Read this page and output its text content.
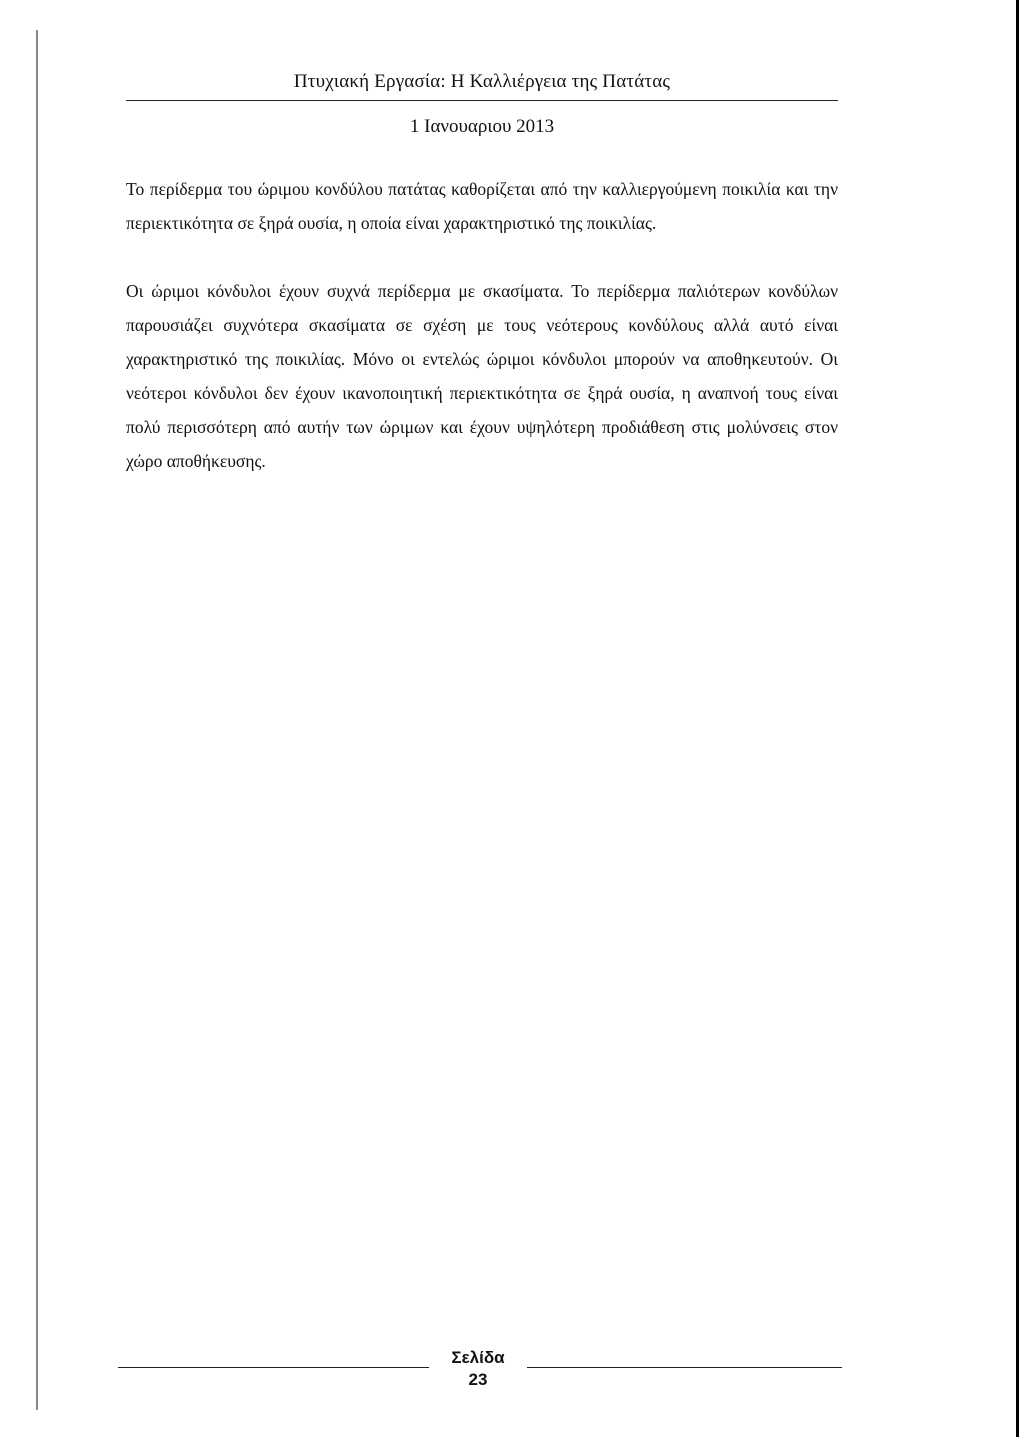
Πτυχιακή Εργασία: Η Καλλιέργεια της Πατάτας
1 Ιανουαριου 2013

Το περίδερμα του ώριμου κονδύλου πατάτας καθορίζεται από την καλλιεργούμενη ποικιλία και την περιεκτικότητα σε ξηρά ουσία, η οποία είναι χαρακτηριστικό της ποικιλίας.

Οι ώριμοι κόνδυλοι έχουν συχνά περίδερμα με σκασίματα. Το περίδερμα παλιότερων κονδύλων παρουσιάζει συχνότερα σκασίματα σε σχέση με τους νεότερους κονδύλους αλλά αυτό είναι χαρακτηριστικό της ποικιλίας. Μόνο οι εντελώς ώριμοι κόνδυλοι μπορούν να αποθηκευτούν. Οι νεότεροι κόνδυλοι δεν έχουν ικανοποιητική περιεκτικότητα σε ξηρά ουσία, η αναπνοή τους είναι πολύ περισσότερη από αυτήν των ώριμων και έχουν υψηλότερη προδιάθεση στις μολύνσεις στον χώρο αποθήκευσης.

Σελίδα
23
